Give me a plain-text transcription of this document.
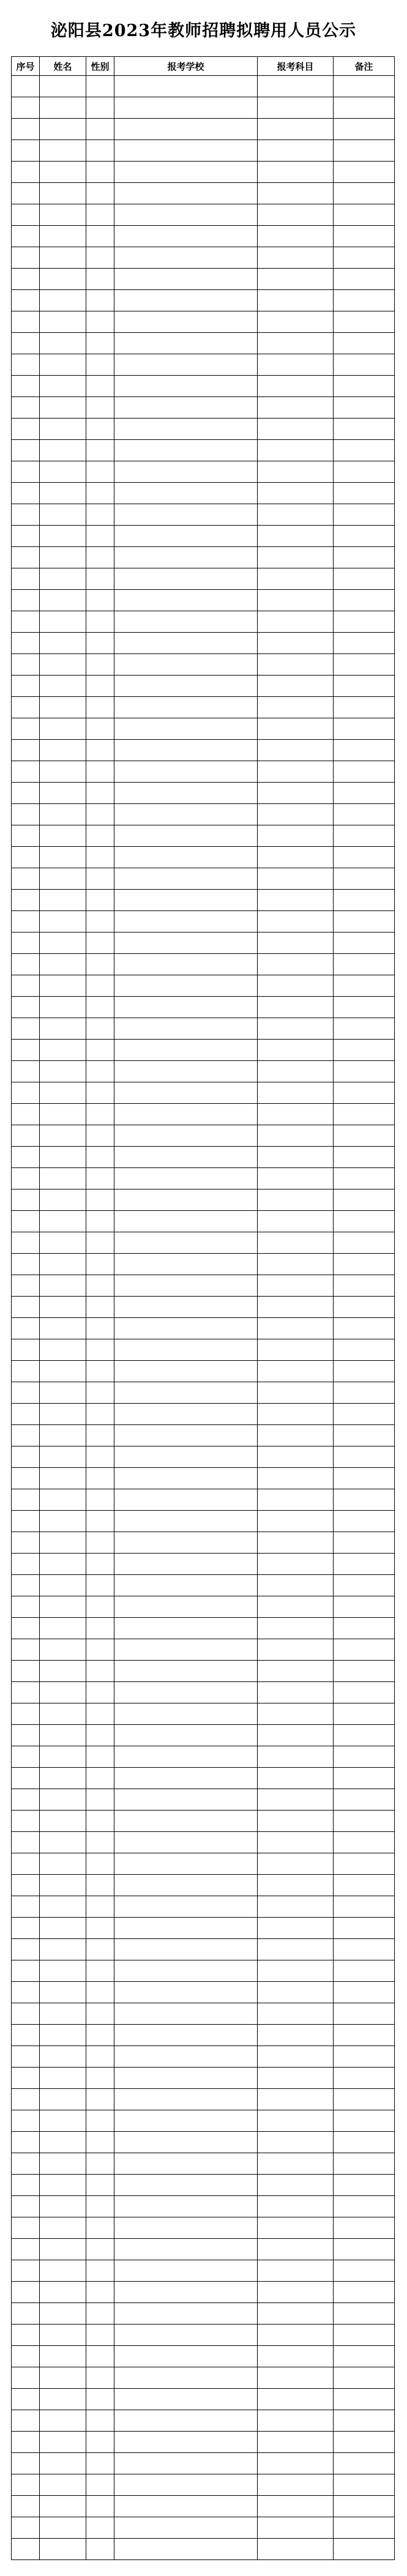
泌阳县2023年教师招聘拟聘用人员公示
序号	姓名	性别	报考学校	报考科目	备注
